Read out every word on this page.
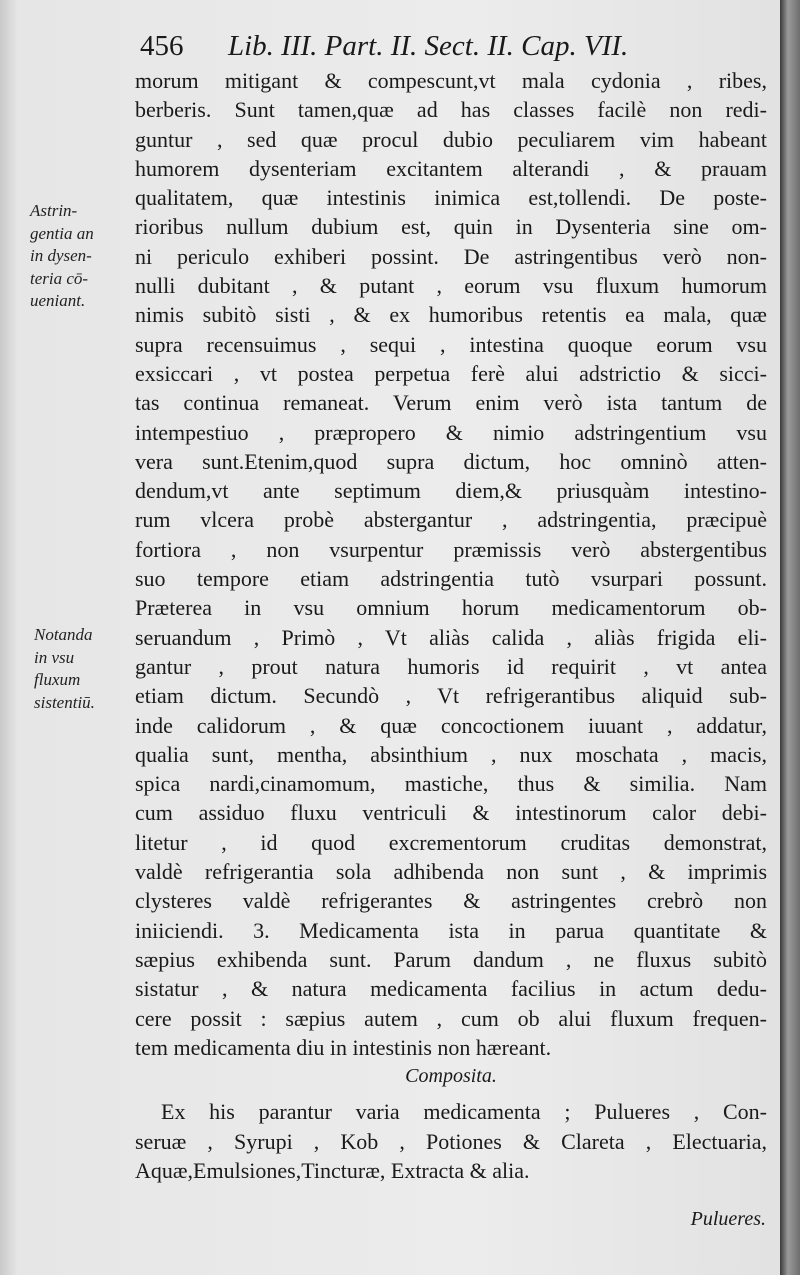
456 Lib. III. Part. II. Sect. II. Cap. VII.
Astrin-
gentia an
in dysen-
teria cō-
ueniant.
Notanda
in vsu
fluxum
sistentiū.
morum mitigant & compescunt,vt mala cydonia , ribes,
berberis. Sunt tamen,quæ ad has classes facilè non redi-
guntur , sed quæ procul dubio peculiarem vim habeant
humorem dysenteriam excitantem alterandi , & prauam
qualitatem, quæ intestinis inimica est,tollendi. De poste-
rioribus nullum dubium est, quin in Dysenteria sine om-
ni periculo exhiberi possint. De astringentibus verò non-
nulli dubitant , & putant , eorum vsu fluxum humorum
nimis subitò sisti , & ex humoribus retentis ea mala, quæ
supra recensuimus , sequi , intestina quoque eorum vsu
exsiccari , vt postea perpetua ferè alui adstrictio & sicci-
tas continua remaneat. Verum enim verò ista tantum de
intempestiuo , præpropero & nimio adstringentium vsu
vera sunt.Etenim,quod supra dictum, hoc omninò atten-
dendum,vt ante septimum diem,& priusquàm intestino-
rum vlcera probè abstergantur , adstringentia, præcipuè
fortiora , non vsurpentur præmissis verò abstergentibus
suo tempore etiam adstringentia tutò vsurpari possunt.
Præterea in vsu omnium horum medicamentorum ob-
seruandum , Primò , Vt aliàs calida , aliàs frigida eli-
gantur , prout natura humoris id requirit , vt antea
etiam dictum. Secundò , Vt refrigerantibus aliquid sub-
inde calidorum , & quæ concoctionem iuuant , addatur,
qualia sunt, mentha, absinthium , nux moschata , macis,
spica nardi,cinamomum, mastiche, thus & similia. Nam
cum assiduo fluxu ventriculi & intestinorum calor debi-
litetur , id quod excrementorum cruditas demonstrat,
valdè refrigerantia sola adhibenda non sunt , & imprimis
clysteres valdè refrigerantes & astringentes crebrò non
iniiciendi. 3. Medicamenta ista in parua quantitate &
sæpius exhibenda sunt. Parum dandum , ne fluxus subitò
sistatur , & natura medicamenta facilius in actum dedu-
cere possit : sæpius autem , cum ob alui fluxum frequen-
tem medicamenta diu in intestinis non hæreant.
Composita.
Ex his parantur varia medicamenta ; Pulueres , Con-
seruæ , Syrupi , Kob , Potiones & Clareta , Electuaria,
Aquæ,Emulsiones,Tincturæ, Extracta & alia.
Pulueres.
